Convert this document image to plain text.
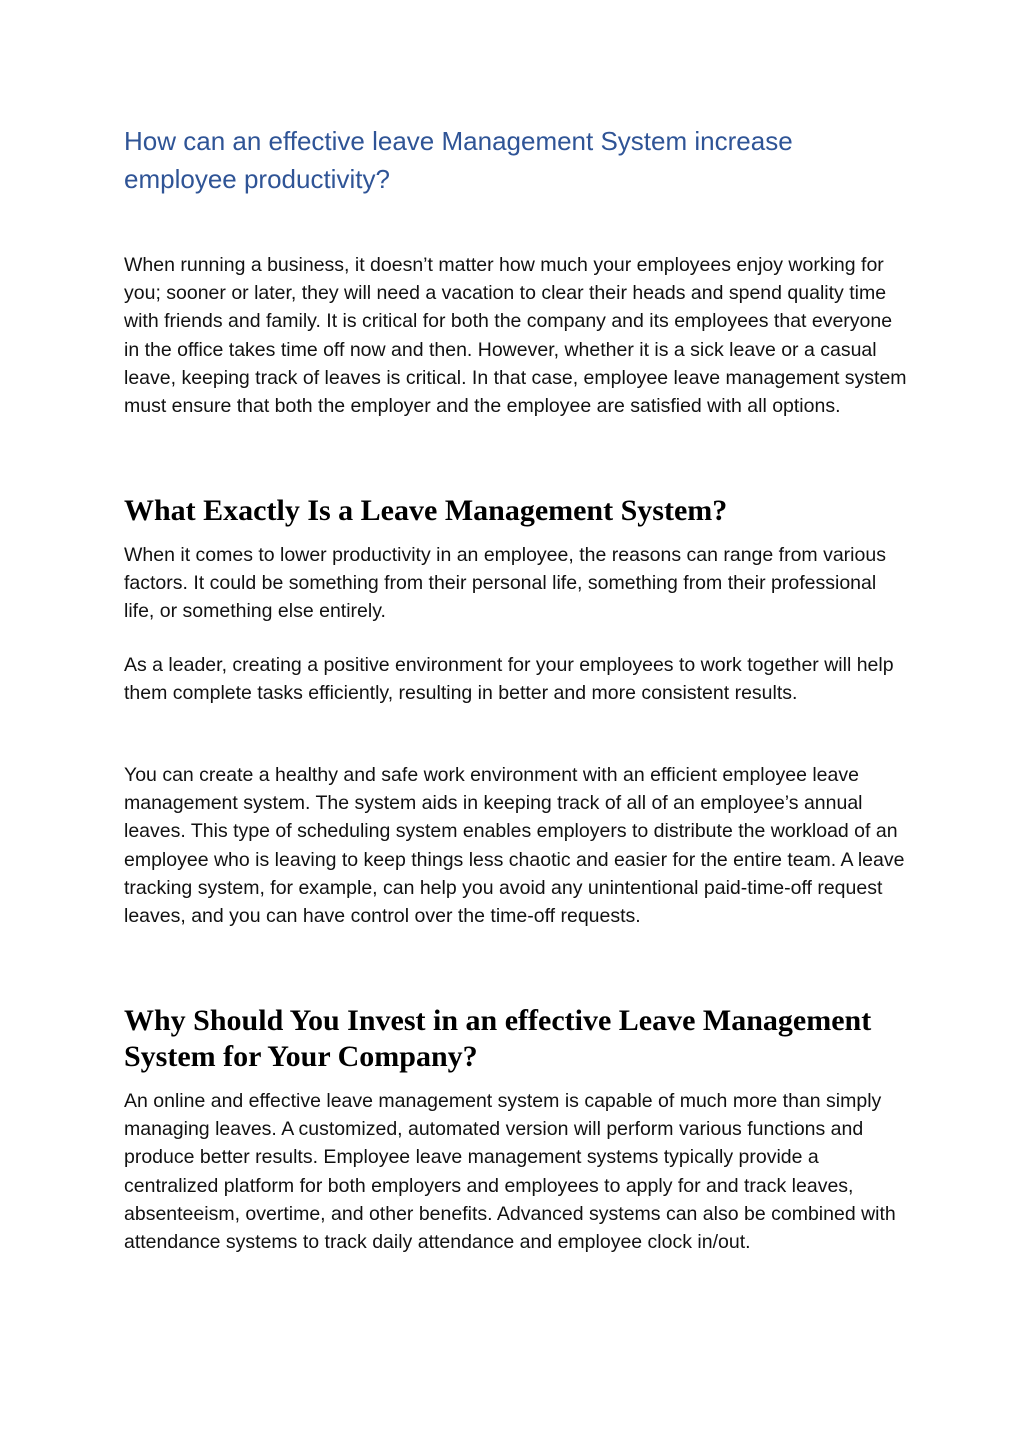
How can an effective leave Management System increase employee productivity?

When running a business, it doesn’t matter how much your employees enjoy working for you; sooner or later, they will need a vacation to clear their heads and spend quality time with friends and family. It is critical for both the company and its employees that everyone in the office takes time off now and then. However, whether it is a sick leave or a casual leave, keeping track of leaves is critical. In that case, employee leave management system must ensure that both the employer and the employee are satisfied with all options.

What Exactly Is a Leave Management System?

When it comes to lower productivity in an employee, the reasons can range from various factors. It could be something from their personal life, something from their professional life, or something else entirely.

As a leader, creating a positive environment for your employees to work together will help them complete tasks efficiently, resulting in better and more consistent results.

You can create a healthy and safe work environment with an efficient employee leave management system. The system aids in keeping track of all of an employee’s annual leaves. This type of scheduling system enables employers to distribute the workload of an employee who is leaving to keep things less chaotic and easier for the entire team. A leave tracking system, for example, can help you avoid any unintentional paid-time-off request leaves, and you can have control over the time-off requests.

Why Should You Invest in an effective Leave Management System for Your Company?

An online and effective leave management system is capable of much more than simply managing leaves. A customized, automated version will perform various functions and produce better results. Employee leave management systems typically provide a centralized platform for both employers and employees to apply for and track leaves, absenteeism, overtime, and other benefits. Advanced systems can also be combined with attendance systems to track daily attendance and employee clock in/out.
